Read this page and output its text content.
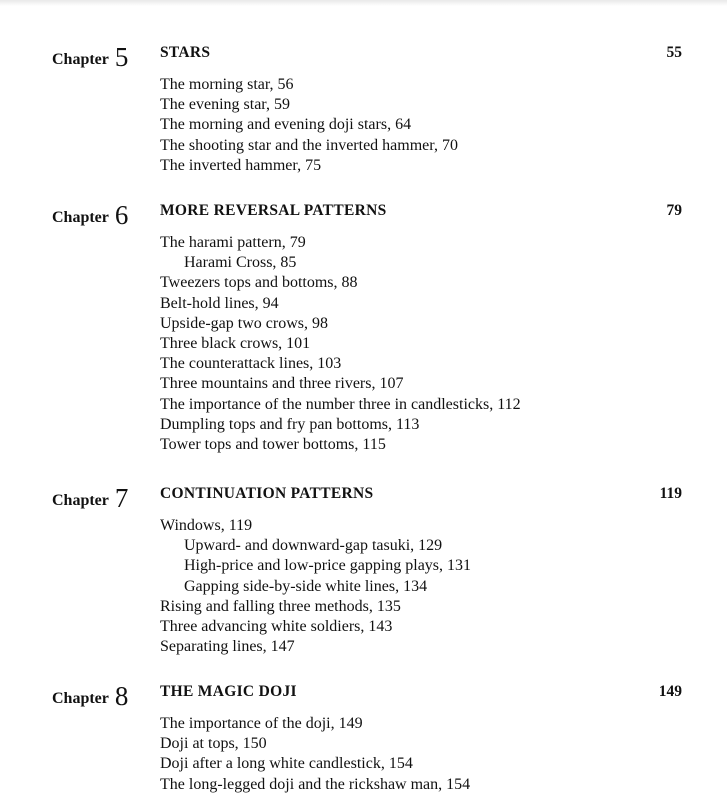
Chapter 5 STARS	55
The morning star, 56
The evening star, 59
The morning and evening doji stars, 64
The shooting star and the inverted hammer, 70
The inverted hammer, 75
Chapter 6 MORE REVERSAL PATTERNS	79
The harami pattern, 79
Harami Cross, 85
Tweezers tops and bottoms, 88
Belt-hold lines, 94
Upside-gap two crows, 98
Three black crows, 101
The counterattack lines, 103
Three mountains and three rivers, 107
The importance of the number three in candlesticks, 112
Dumpling tops and fry pan bottoms, 113
Tower tops and tower bottoms, 115
Chapter 7 CONTINUATION PATTERNS	119
Windows, 119
Upward- and downward-gap tasuki, 129
High-price and low-price gapping plays, 131
Gapping side-by-side white lines, 134
Rising and falling three methods, 135
Three advancing white soldiers, 143
Separating lines, 147
Chapter 8 THE MAGIC DOJI	149
The importance of the doji, 149
Doji at tops, 150
Doji after a long white candlestick, 154
The long-legged doji and the rickshaw man, 154
